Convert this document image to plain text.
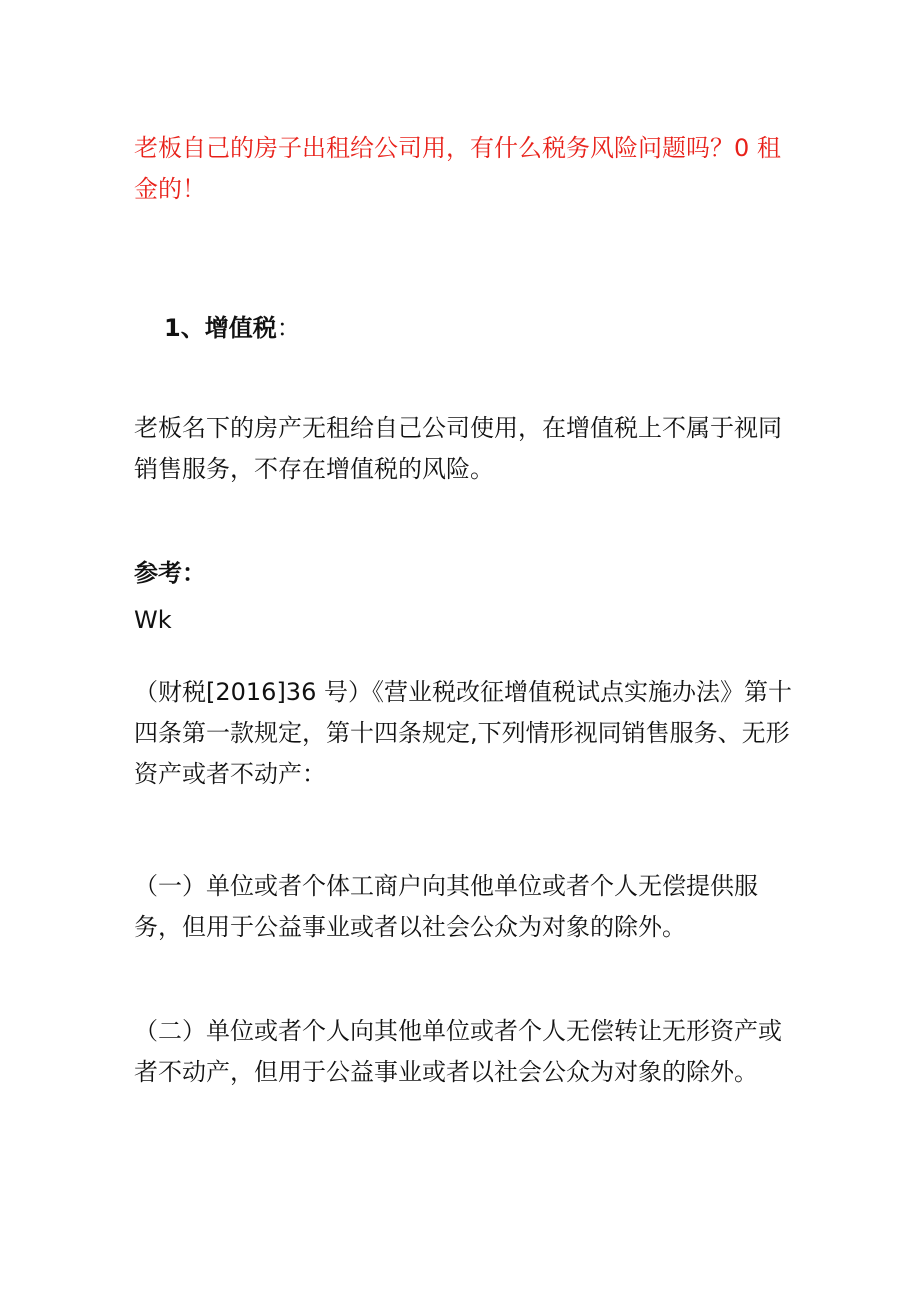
老板自己的房子出租给公司用，有什么税务风险问题吗？0 租金的！

1、增值税：

老板名下的房产无租给自己公司使用，在增值税上不属于视同销售服务，不存在增值税的风险。

参考：

Wk

（财税[2016]36 号）《营业税改征增值税试点实施办法》第十四条第一款规定，第十四条规定,下列情形视同销售服务、无形资产或者不动产：

（一）单位或者个体工商户向其他单位或者个人无偿提供服务，但用于公益事业或者以社会公众为对象的除外。

（二）单位或者个人向其他单位或者个人无偿转让无形资产或者不动产，但用于公益事业或者以社会公众为对象的除外。
